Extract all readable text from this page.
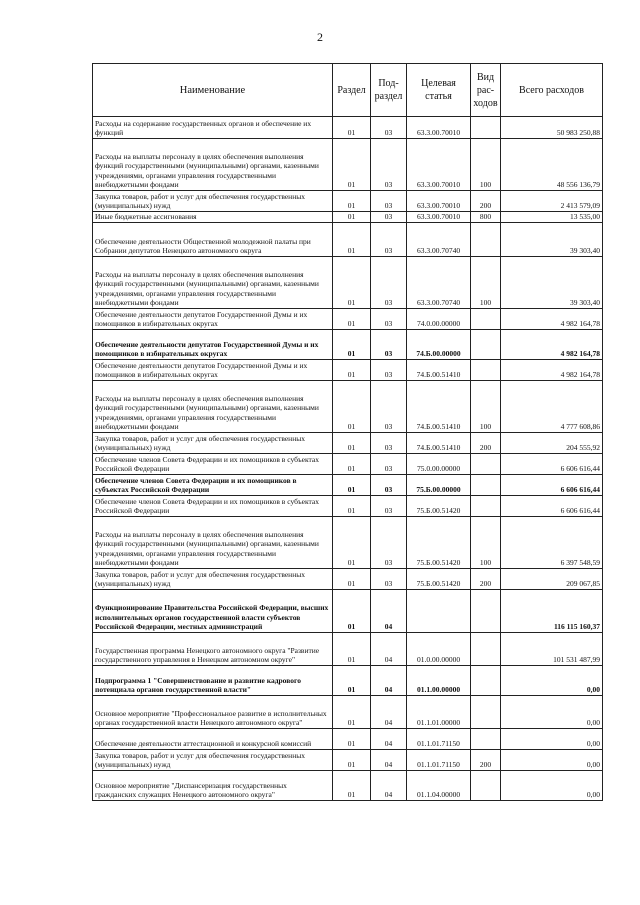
2
Наименование	Раздел	Под-раздел	Целевая статья	Вид рас-ходов	Всего расходов
Расходы на содержание государственных органов и обеспечение их функций	01	03	63.3.00.70010		50 983 250,88
Расходы на выплаты персоналу в целях обеспечения выполнения функций государственными (муниципальными) органами, казенными учреждениями, органами управления государственными внебюджетными фондами	01	03	63.3.00.70010	100	48 556 136,79
Закупка товаров, работ и услуг для обеспечения государственных (муниципальных) нужд	01	03	63.3.00.70010	200	2 413 579,09
Иные бюджетные ассигнования	01	03	63.3.00.70010	800	13 535,00
Обеспечение деятельности Общественной молодежной палаты при Собрании депутатов Ненецкого автономного округа	01	03	63.3.00.70740		39 303,40
Расходы на выплаты персоналу в целях обеспечения выполнения функций государственными (муниципальными) органами, казенными учреждениями, органами управления государственными внебюджетными фондами	01	03	63.3.00.70740	100	39 303,40
Обеспечение деятельности депутатов Государственной Думы и их помощников в избирательных округах	01	03	74.0.00.00000		4 982 164,78
Обеспечение деятельности депутатов Государственной Думы и их помощников в избирательных округах	01	03	74.Б.00.00000		4 982 164,78
Обеспечение деятельности депутатов Государственной Думы и их помощников в избирательных округах	01	03	74.Б.00.51410		4 982 164,78
Расходы на выплаты персоналу в целях обеспечения выполнения функций государственными (муниципальными) органами, казенными учреждениями, органами управления государственными внебюджетными фондами	01	03	74.Б.00.51410	100	4 777 608,86
Закупка товаров, работ и услуг для обеспечения государственных (муниципальных) нужд	01	03	74.Б.00.51410	200	204 555,92
Обеспечение членов Совета Федерации и их помощников в субъектах Российской Федерации	01	03	75.0.00.00000		6 606 616,44
Обеспечение членов Совета Федерации и их помощников в субъектах Российской Федерации	01	03	75.Б.00.00000		6 606 616,44
Обеспечение членов Совета Федерации и их помощников в субъектах Российской Федерации	01	03	75.Б.00.51420		6 606 616,44
Расходы на выплаты персоналу в целях обеспечения выполнения функций государственными (муниципальными) органами, казенными учреждениями, органами управления государственными внебюджетными фондами	01	03	75.Б.00.51420	100	6 397 548,59
Закупка товаров, работ и услуг для обеспечения государственных (муниципальных) нужд	01	03	75.Б.00.51420	200	209 067,85
Функционирование Правительства Российской Федерации, высших исполнительных органов государственной власти субъектов Российской Федерации, местных администраций	01	04			116 115 160,37
Государственная программа Ненецкого автономного округа "Развитие государственного управления в Ненецком автономном округе"	01	04	01.0.00.00000		101 531 487,99
Подпрограмма 1 "Совершенствование и развитие кадрового потенциала органов государственной власти"	01	04	01.1.00.00000		0,00
Основное мероприятие "Профессиональное развитие в исполнительных органах государственной власти Ненецкого автономного округа"	01	04	01.1.01.00000		0,00
Обеспечение деятельности аттестационной и конкурсной комиссий	01	04	01.1.01.71150		0,00
Закупка товаров, работ и услуг для обеспечения государственных (муниципальных) нужд	01	04	01.1.01.71150	200	0,00
Основное мероприятие "Диспансеризация государственных гражданских служащих Ненецкого автономного округа"	01	04	01.1.04.00000		0,00
